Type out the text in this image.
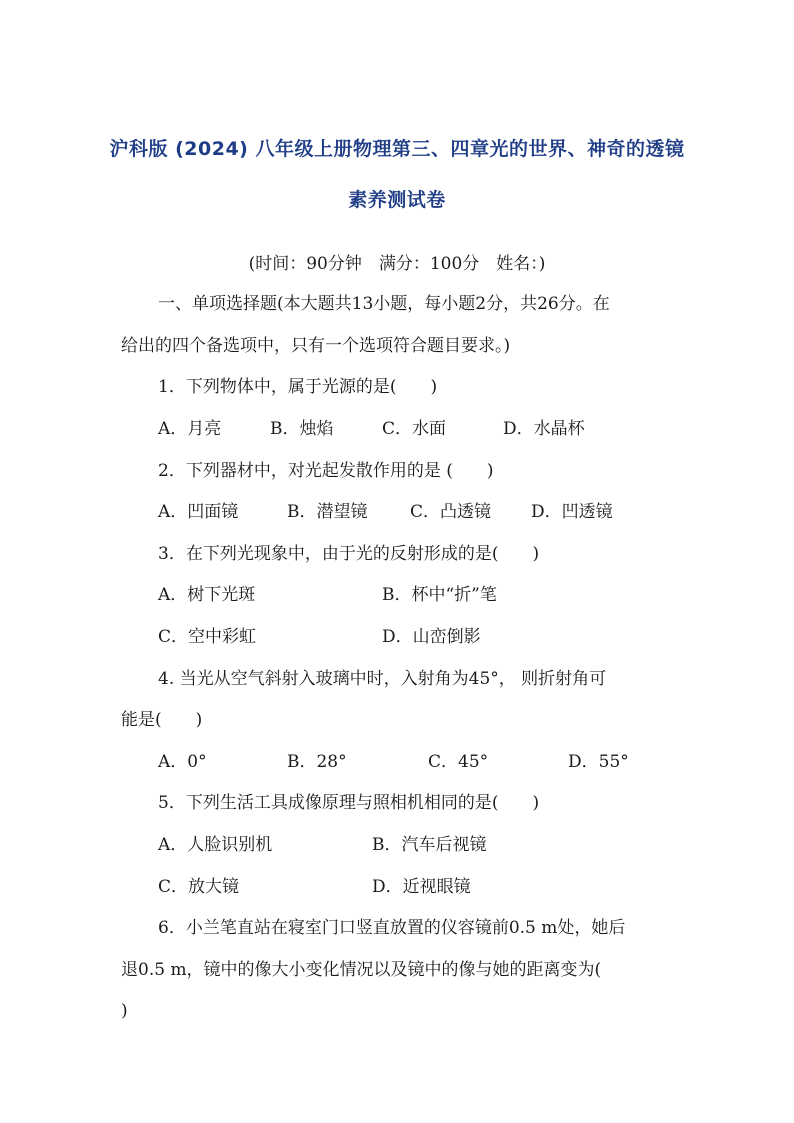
沪科版 (2024) 八年级上册物理第三、四章光的世界、神奇的透镜
素养测试卷
(时间：90分钟　满分：100分　姓名：)
一、单项选择题(本大题共13小题，每小题2分，共26分。在
给出的四个备选项中，只有一个选项符合题目要求。)
1．下列物体中，属于光源的是(　　)
A．月亮	B．烛焰	C．水面	D．水晶杯
2．下列器材中，对光起发散作用的是 (　　)
A．凹面镜	B．潜望镜	C．凸透镜 D．凹透镜
3．在下列光现象中，由于光的反射形成的是(　　)
A．树下光斑	B．杯中“折”笔
C．空中彩虹	D．山峦倒影
4. 当光从空气斜射入玻璃中时，入射角为45°， 则折射角可
能是(　　)
A．0°	B．28°	C．45°	D．55°
5．下列生活工具成像原理与照相机相同的是(　　)
A．人脸识别机	B．汽车后视镜
C．放大镜	D．近视眼镜
6．小兰笔直站在寝室门口竖直放置的仪容镜前0.5 m处，她后
退0.5 m，镜中的像大小变化情况以及镜中的像与她的距离变为(
)
